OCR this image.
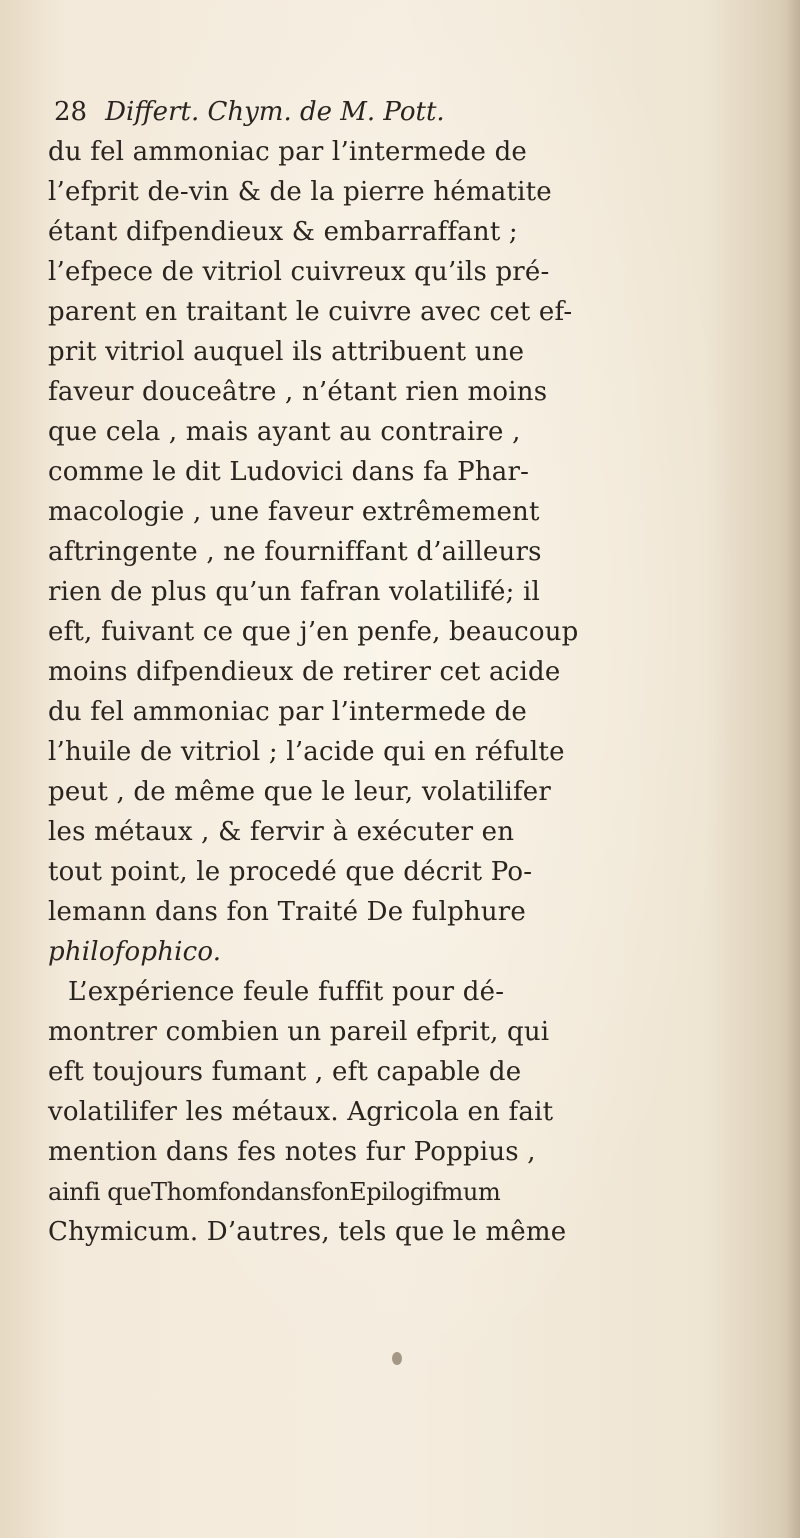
28 Differt. Chym. de M. Pott.
du fel ammoniac par l’intermede de
l’efprit de-vin & de la pierre hématite
étant difpendieux & embarraffant ;
l’efpece de vitriol cuivreux qu’ils pré-
parent en traitant le cuivre avec cet ef-
prit vitriol auquel ils attribuent une
faveur douceâtre , n’étant rien moins
que cela , mais ayant au contraire ,
comme le dit Ludovici dans fa Phar-
macologie , une faveur extrêmement
aftringente , ne fourniffant d’ailleurs
rien de plus qu’un fafran volatilifé; il
eft, fuivant ce que j’en penfe, beaucoup
moins difpendieux de retirer cet acide
du fel ammoniac par l’intermede de
l’huile de vitriol ; l’acide qui en réfulte
peut , de même que le leur, volatilifer
les métaux , & fervir à exécuter en
tout point, le procedé que décrit Po-
lemann dans fon Traité De fulphure
philofophico.
L’expérience feule fuffit pour dé-
montrer combien un pareil efprit, qui
eft toujours fumant , eft capable de
volatilifer les métaux. Agricola en fait
mention dans fes notes fur Poppius ,
ainfi queThomfondansfonEpilogifmum
Chymicum. D’autres, tels que le même
